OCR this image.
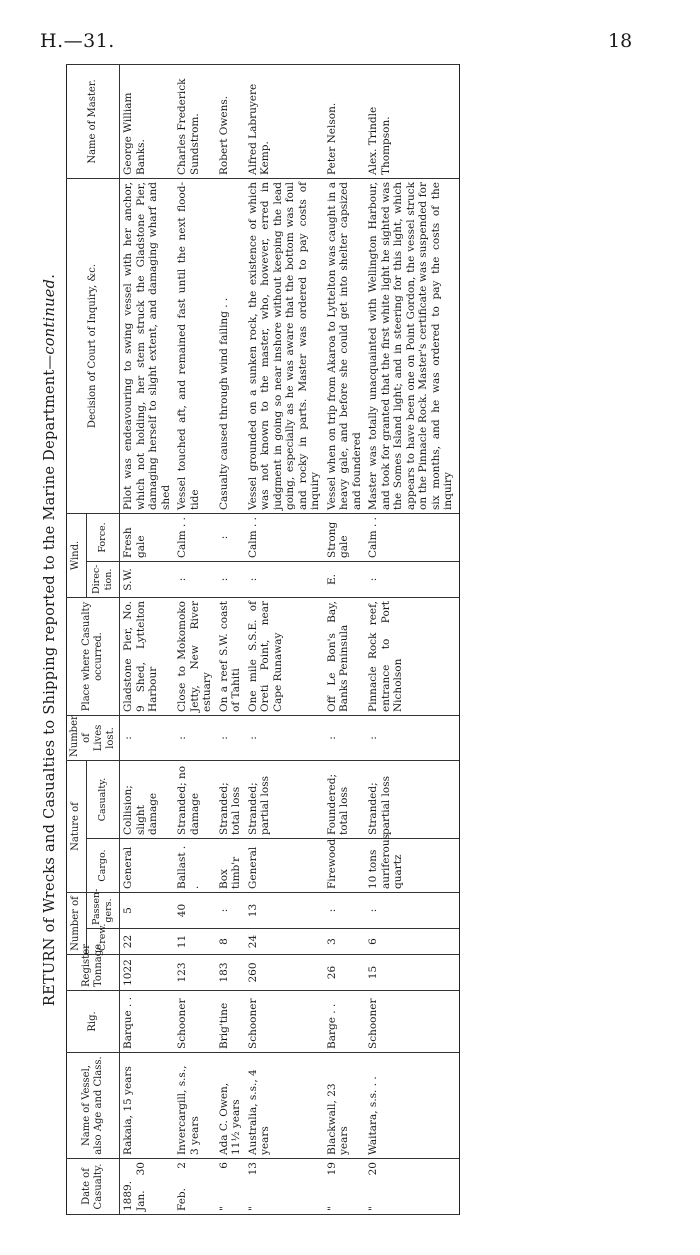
H.—31.	18
RETURN of Wrecks and Casualties to Shipping reported to the Marine Department—continued.
Date of Casualty.	Name of Vessel, also Age and Class.	Rig.	Register Tonnage.	Number of		Nature of		Number of Lives lost.	Place where Casualty occurred.	Wind.		Decision of Court of Inquiry, &c.	Name of Master.
				Crew.	Passen-gers.	Cargo.	Casualty.			Direc-tion.	Force.		

1889. Jan.
30	Rakaia, 15 years	Barque . .	1022	22	5	General	Collision; slight damage	:	Gladstone Pier, No. 9 Shed, Lyttelton Harbour	S.W.	Fresh gale	Pilot was endeavouring to swing vessel with her anchor, which not holding, her stem struck the Gladstone Pier, damaging herself to slight extent, and damaging wharf and shed	George William Banks.

Feb.
2	Invercargill, s.s., 3 years	Schooner	123	11	40	Ballast . .	Stranded; no damage	:	Close to Mokomoko Jetty, New River estuary	:	Calm . .	Vessel touched aft, and remained fast until the next flood-tide	Charles Frederick Sundstrom.

"
6	Ada C. Owen, 11½ years	Brig'tine	183	8	:	Box timb'r	Stranded; total loss	:	On a reef S.W. coast of Tahiti	:	:	Casualty caused through wind failing . .	Robert Owens.

"
13	Australia, s.s., 4 years	Schooner	260	24	13	General	Stranded; partial loss	:	One mile S.S.E. of Oreti Point, near Cape Runaway	:	Calm . .	Vessel grounded on a sunken rock, the existence of which was not known to the master, who, however, erred in judgment in going so near inshore without keeping the lead going, especially as he was aware that the bottom was foul and rocky in parts. Master was ordered to pay costs of inquiry	Alfred Labruyere Kemp.

"
19	Blackwall, 23 years	Barge . .	26	3	:	Firewood	Foundered; total loss	:	Off Le Bon's Bay, Banks Peninsula	E.	Strong gale	Vessel when on trip from Akaroa to Lyttelton was caught in a heavy gale, and before she could get into shelter capsized and foundered	Peter Nelson.

"
20	Waitara, s.s. . .	Schooner	15	6	:	10 tons auriferous quartz	Stranded; partial loss	:	Pinnacle Rock reef, entrance to Port Nicholson	:	Calm . .	Master was totally unacquainted with Wellington Harbour, and took for granted that the first white light he sighted was the Somes Island light; and in steering for this light, which appears to have been one on Point Gordon, the vessel struck on the Pinnacle Rock. Master's certificate was suspended for six months, and he was ordered to pay the costs of the inquiry	Alex. Trindle Thompson.
